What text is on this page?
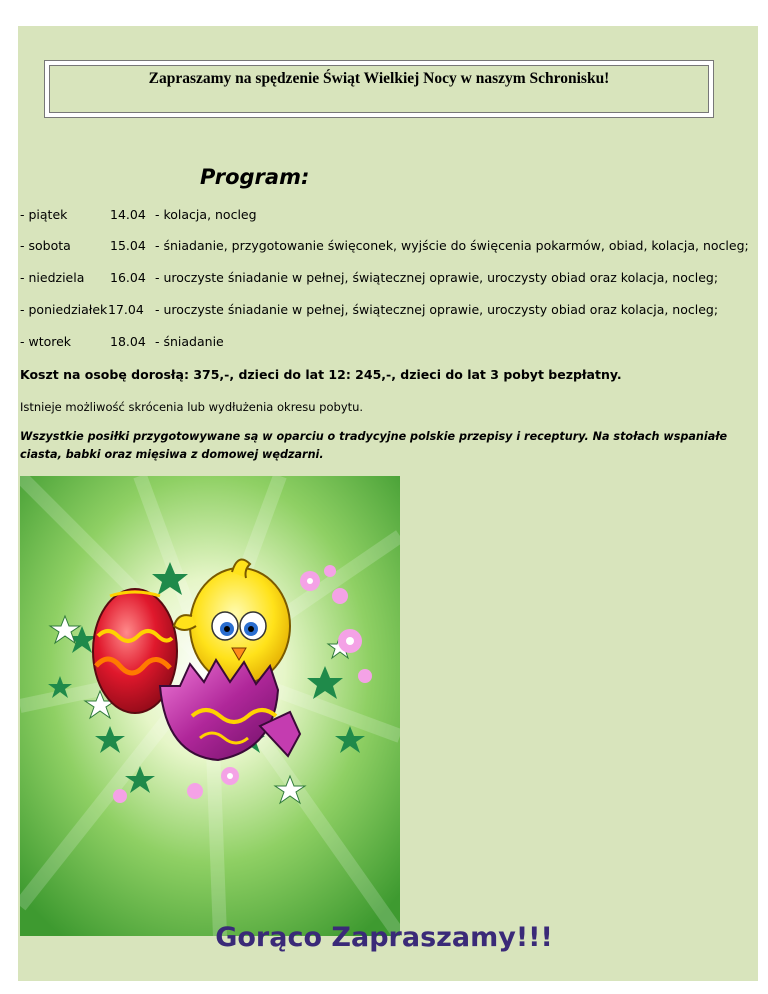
Zapraszamy na spędzenie Świąt Wielkiej Nocy w naszym Schronisku!
Program:
- piątek	14.04 - kolacja, nocleg
- sobota	15.04 - śniadanie, przygotowanie święconek, wyjście do święcenia pokarmów, obiad, kolacja, nocleg;
- niedziela 16.04 - uroczyste śniadanie w pełnej, świątecznej oprawie, uroczysty obiad oraz kolacja, nocleg;
- poniedziałek 17.04 - uroczyste śniadanie w pełnej, świątecznej oprawie, uroczysty obiad oraz kolacja, nocleg;
- wtorek	18.04 - śniadanie
Koszt na osobę dorosłą: 375,-, dzieci do lat 12: 245,-, dzieci do lat 3 pobyt bezpłatny.
Istnieje możliwość skrócenia lub wydłużenia okresu pobytu.
Wszystkie posiłki przygotowywane są w oparciu o tradycyjne polskie przepisy i receptury. Na stołach wspaniałe ciasta, babki oraz mięsiwa z domowej wędzarni.
Gorąco Zapraszamy!!!
